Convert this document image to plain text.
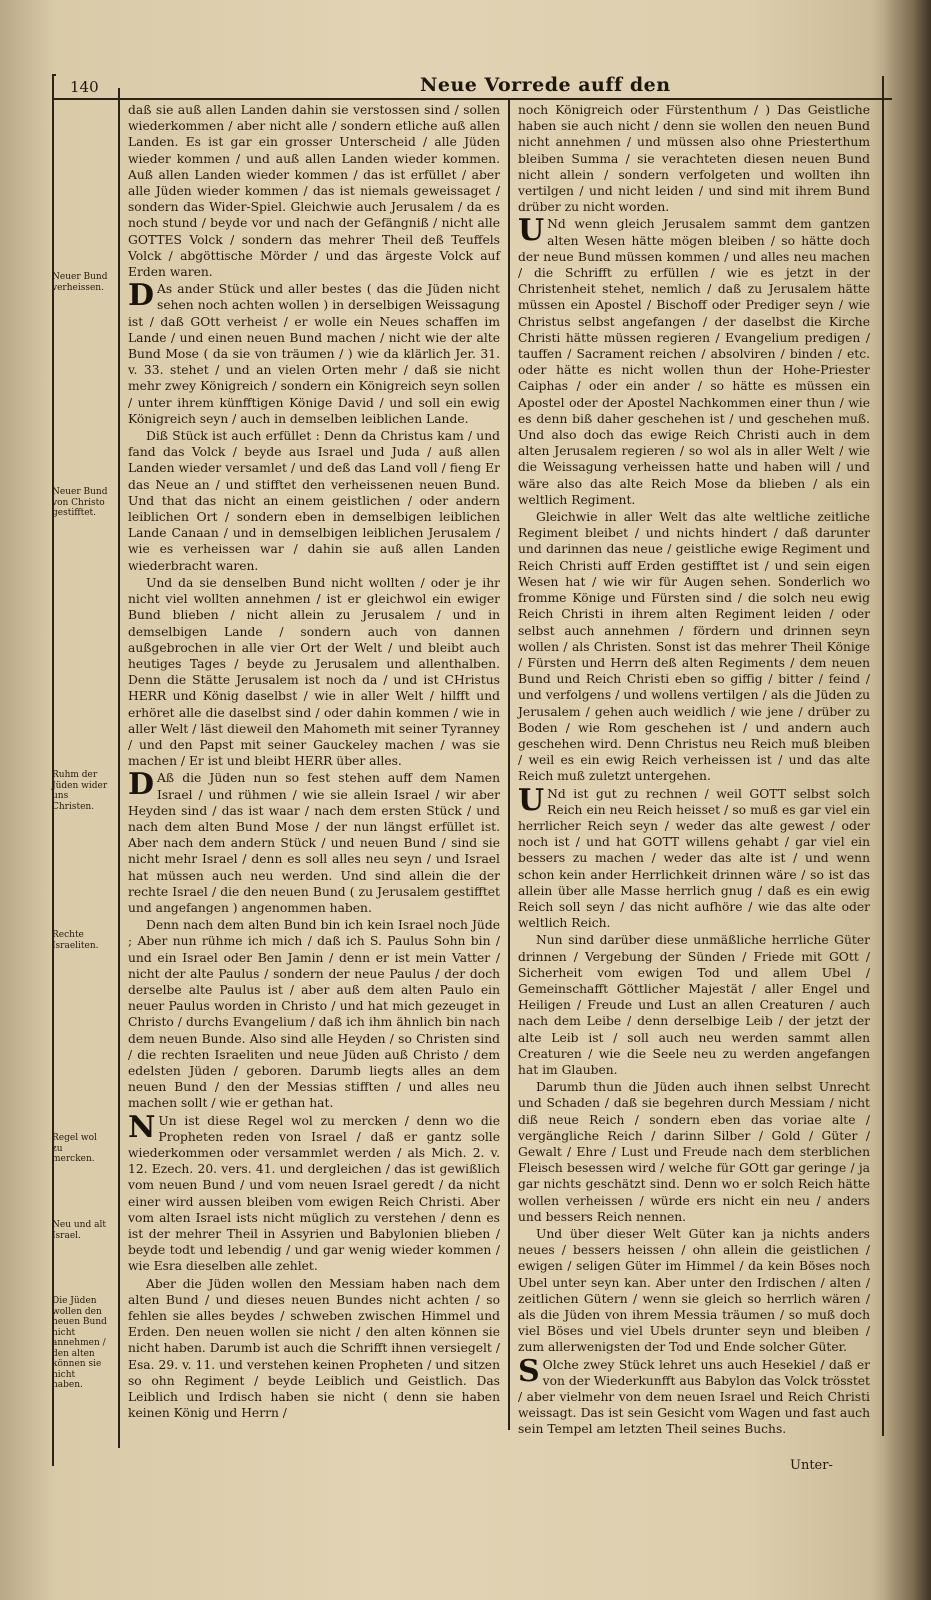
140	Neue Vorrede auff den
Neuer Bund verheissen.
Neuer Bund von Christo gestifftet.
Ruhm der Jüden wider uns Christen.
Rechte Israeliten.
Regel wol zu mercken.
Neu und alt Israel.
Die Jüden wollen den neuen Bund nicht annehmen / den alten können sie nicht haben.

daß sie auß allen Landen dahin sie verstossen sind / sollen wiederkommen / aber nicht alle / sondern etliche auß allen Landen. Es ist gar ein grosser Unterscheid / alle Jüden wieder kommen / und auß allen Landen wieder kommen. Auß allen Landen wieder kommen / das ist erfüllet / aber alle Jüden wieder kommen / das ist niemals geweissaget / sondern das Wider-Spiel. Gleichwie auch Jerusalem / da es noch stund / beyde vor und nach der Gefängniß / nicht alle GOTTES Volck / sondern das mehrer Theil deß Teuffels Volck / abgöttische Mörder / und das ärgeste Volck auf Erden waren.

D As ander Stück und aller bestes ( das die Jüden nicht sehen noch achten wollen ) in derselbigen Weissagung ist / daß GOtt verheist / er wolle ein Neues schaffen im Lande / und einen neuen Bund machen / nicht wie der alte Bund Mose ( da sie von träumen / ) wie da klärlich Jer. 31. v. 33. stehet / und an vielen Orten mehr / daß sie nicht mehr zwey Königreich / sondern ein Königreich seyn sollen / unter ihrem künfftigen Könige David / und soll ein ewig Königreich seyn / auch in demselben leiblichen Lande.

Diß Stück ist auch erfüllet : Denn da Christus kam / und fand das Volck / beyde aus Israel und Juda / auß allen Landen wieder versamlet / und deß das Land voll / fieng Er das Neue an / und stifftet den verheissenen neuen Bund. Und that das nicht an einem geistlichen / oder andern leiblichen Ort / sondern eben in demselbigen leiblichen Lande Canaan / und in demselbigen leiblichen Jerusalem / wie es verheissen war / dahin sie auß allen Landen wiederbracht waren.

Und da sie denselben Bund nicht wollten / oder je ihr nicht viel wollten annehmen / ist er gleichwol ein ewiger Bund blieben / nicht allein zu Jerusalem / und in demselbigen Lande / sondern auch von dannen außgebrochen in alle vier Ort der Welt / und bleibt auch heutiges Tages / beyde zu Jerusalem und allenthalben. Denn die Stätte Jerusalem ist noch da / und ist CHristus HERR und König daselbst / wie in aller Welt / hilfft und erhöret alle die daselbst sind / oder dahin kommen / wie in aller Welt / läst dieweil den Mahometh mit seiner Tyranney / und den Papst mit seiner Gauckeley machen / was sie machen / Er ist und bleibt HERR über alles.

D Aß die Jüden nun so fest stehen auff dem Namen Israel / und rühmen / wie sie allein Israel / wir aber Heyden sind / das ist waar / nach dem ersten Stück / und nach dem alten Bund Mose / der nun längst erfüllet ist. Aber nach dem andern Stück / und neuen Bund / sind sie nicht mehr Israel / denn es soll alles neu seyn / und Israel hat müssen auch neu werden. Und sind allein die der rechte Israel / die den neuen Bund ( zu Jerusalem gestifftet und angefangen ) angenommen haben.

Denn nach dem alten Bund bin ich kein Israel noch Jüde ; Aber nun rühme ich mich / daß ich S. Paulus Sohn bin / und ein Israel oder Ben Jamin / denn er ist mein Vatter / nicht der alte Paulus / sondern der neue Paulus / der doch derselbe alte Paulus ist / aber auß dem alten Paulo ein neuer Paulus worden in Christo / und hat mich gezeuget in Christo / durchs Evangelium / daß ich ihm ähnlich bin nach dem neuen Bunde. Also sind alle Heyden / so Christen sind / die rechten Israeliten und neue Jüden auß Christo / dem edelsten Jüden / geboren. Darumb liegts alles an dem neuen Bund / den der Messias stifften / und alles neu machen sollt / wie er gethan hat.

N Un ist diese Regel wol zu mercken / denn wo die Propheten reden von Israel / daß er gantz solle wiederkommen oder versammlet werden / als Mich. 2. v. 12. Ezech. 20. vers. 41. und dergleichen / das ist gewißlich vom neuen Bund / und vom neuen Israel geredt / da nicht einer wird aussen bleiben vom ewigen Reich Christi. Aber vom alten Israel ists nicht müglich zu verstehen / denn es ist der mehrer Theil in Assyrien und Babylonien blieben / beyde todt und lebendig / und gar wenig wieder kommen / wie Esra dieselben alle zehlet.

Aber die Jüden wollen den Messiam haben nach dem alten Bund / und dieses neuen Bundes nicht achten / so fehlen sie alles beydes / schweben zwischen Himmel und Erden. Den neuen wollen sie nicht / den alten können sie nicht haben. Darumb ist auch die Schrifft ihnen versiegelt / Esa. 29. v. 11. und verstehen keinen Propheten / und sitzen so ohn Regiment / beyde Leiblich und Geistlich. Das Leiblich und Irdisch haben sie nicht ( denn sie haben keinen König und Herrn /

noch Königreich oder Fürstenthum / ) Das Geistliche haben sie auch nicht / denn sie wollen den neuen Bund nicht annehmen / und müssen also ohne Priesterthum bleiben Summa / sie verachteten diesen neuen Bund nicht allein / sondern verfolgeten und wollten ihn vertilgen / und nicht leiden / und sind mit ihrem Bund drüber zu nicht worden.

U Nd wenn gleich Jerusalem sammt dem gantzen alten Wesen hätte mögen bleiben / so hätte doch der neue Bund müssen kommen / und alles neu machen / die Schrifft zu erfüllen / wie es jetzt in der Christenheit stehet, nemlich / daß zu Jerusalem hätte müssen ein Apostel / Bischoff oder Prediger seyn / wie Christus selbst angefangen / der daselbst die Kirche Christi hätte müssen regieren / Evangelium predigen / tauffen / Sacrament reichen / absolviren / binden / etc. oder hätte es nicht wollen thun der Hohe-Priester Caiphas / oder ein ander / so hätte es müssen ein Apostel oder der Apostel Nachkommen einer thun / wie es denn biß daher geschehen ist / und geschehen muß. Und also doch das ewige Reich Christi auch in dem alten Jerusalem regieren / so wol als in aller Welt / wie die Weissagung verheissen hatte und haben will / und wäre also das alte Reich Mose da blieben / als ein weltlich Regiment.

Gleichwie in aller Welt das alte weltliche zeitliche Regiment bleibet / und nichts hindert / daß darunter und darinnen das neue / geistliche ewige Regiment und Reich Christi auff Erden gestifftet ist / und sein eigen Wesen hat / wie wir für Augen sehen. Sonderlich wo fromme Könige und Fürsten sind / die solch neu ewig Reich Christi in ihrem alten Regiment leiden / oder selbst auch annehmen / fördern und drinnen seyn wollen / als Christen. Sonst ist das mehrer Theil Könige / Fürsten und Herrn deß alten Regiments / dem neuen Bund und Reich Christi eben so giffig / bitter / feind / und verfolgens / und wollens vertilgen / als die Jüden zu Jerusalem / gehen auch weidlich / wie jene / drüber zu Boden / wie Rom geschehen ist / und andern auch geschehen wird. Denn Christus neu Reich muß bleiben / weil es ein ewig Reich verheissen ist / und das alte Reich muß zuletzt untergehen.

U Nd ist gut zu rechnen / weil GOTT selbst solch Reich ein neu Reich heisset / so muß es gar viel ein herrlicher Reich seyn / weder das alte gewest / oder noch ist / und hat GOTT willens gehabt / gar viel ein bessers zu machen / weder das alte ist / und wenn schon kein ander Herrlichkeit drinnen wäre / so ist das allein über alle Masse herrlich gnug / daß es ein ewig Reich soll seyn / das nicht aufhöre / wie das alte oder weltlich Reich.

Nun sind darüber diese unmäßliche herrliche Güter drinnen / Vergebung der Sünden / Friede mit GOtt / Sicherheit vom ewigen Tod und allem Ubel / Gemeinschafft Göttlicher Majestät / aller Engel und Heiligen / Freude und Lust an allen Creaturen / auch nach dem Leibe / denn derselbige Leib / der jetzt der alte Leib ist / soll auch neu werden sammt allen Creaturen / wie die Seele neu zu werden angefangen hat im Glauben.

Darumb thun die Jüden auch ihnen selbst Unrecht und Schaden / daß sie begehren durch Messiam / nicht diß neue Reich / sondern eben das voriae alte / vergängliche Reich / darinn Silber / Gold / Güter / Gewalt / Ehre / Lust und Freude nach dem sterblichen Fleisch besessen wird / welche für GOtt gar geringe / ja gar nichts geschätzt sind. Denn wo er solch Reich hätte wollen verheissen / würde ers nicht ein neu / anders und bessers Reich nennen.

Und über dieser Welt Güter kan ja nichts anders neues / bessers heissen / ohn allein die geistlichen / ewigen / seligen Güter im Himmel / da kein Böses noch Ubel unter seyn kan. Aber unter den Irdischen / alten / zeitlichen Gütern / wenn sie gleich so herrlich wären / als die Jüden von ihrem Messia träumen / so muß doch viel Böses und viel Ubels drunter seyn und bleiben / zum allerwenigsten der Tod und Ende solcher Güter.

S Olche zwey Stück lehret uns auch Hesekiel / daß er von der Wiederkunfft aus Babylon das Volck trösstet / aber vielmehr von dem neuen Israel und Reich Christi weissagt. Das ist sein Gesicht vom Wagen und fast auch sein Tempel am letzten Theil seines Buchs.

Unter-
